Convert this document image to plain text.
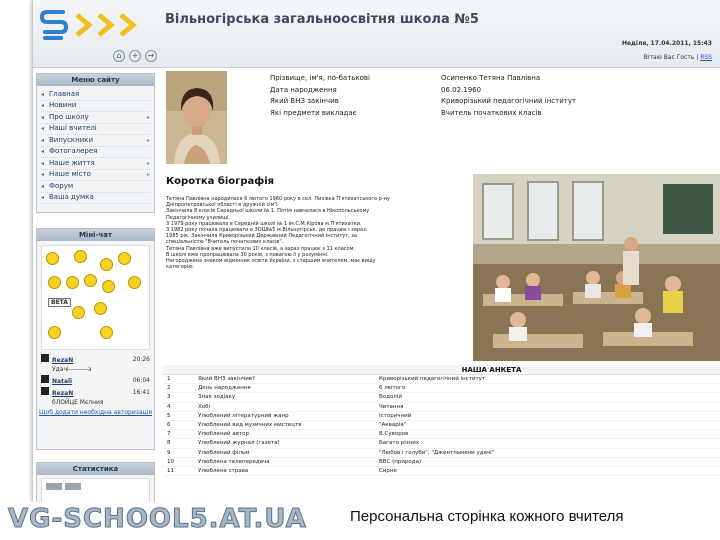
Вільногірська загальноосвітня школа №5
⌂	+	→
Неділя, 17.04.2011, 15:43
Вітаю Вас Гость | RSS
Меню сайту
◂ Главная
◂ Новини
◂ Про школу	▸
◂ Наші вчителі
◂ Випускники	▸
◂ Фотогалерея
◂ Наше життя	▸
◂ Наше місто	▸
◂ Форум
◂ Ваша думка
Міні-чат
BETA
RezaN	20:26
Удачі---------э
Natali	06:04
RezaN	16:41
бЛОЙЦЕ Мєлния
Щоб додати необхідна авторизація
Статистика
Прізвище, ім'я, по-батькові	Осипенко Тетяна Павлівна
Дата народження	06.02.1960
Який ВНЗ закінчив	Криворізький педагогічний інститут
Які предмети викладає	Вчитель початкових класів
Коротка біографія

Тетяна Павлівна народилася 6 лютого 1960 року в сел. Лихівка П'ятихатського р-ну

Дніпропетровської області в дружній сім'ї.

Закінчила 8 класів Середньої школи № 1. Потім навчалася в Нікопольському

Педагогічному училищі.

З 1979 року працювала в Середній школі № 1 ім.С.М.Кірова м.П'ятихатки.

З 1982 року почала працювати в ЗОШ№5 м.Вільногірськ, де працює і зараз.

1985 рік. Закінчила Криворізький Державний Педагогічний Інститут, за

спеціальністю "Вчитель початкових класів".

Тетяна Павлівна вже випустила 10 класів, а зараз працює з 11 класом.

В школі вже пропрацювала 30 років, з повагою її у розумінні.

Нагороджена знаком відмінник освіти України, з старшим вчителем, має вищу

категорію.

НАША АНКЕТА
1	Який ВНЗ закінчив?	Криворізький педагогічний інститут
2	День народження	6 лютого
3	Знак зодіаку	Водолій
4	Хобі	Читання
5	Улюблений літературний жанр	Історичний
6	Улюблений вид музичних мистецтв	"Акварія"
7	Улюблений автор	В.Суворов
8	Улюблений журнал (газета)	Багато різних
9	Улюблений фільм	"Любов і голуби", "Джентльмени удачі"
10	Улюблена телепередача	ВВС (природа)
11	Улюблена страва	Сирне
VG-SCHOOL5.AT.UA	Персональна сторінка кожного вчителя
